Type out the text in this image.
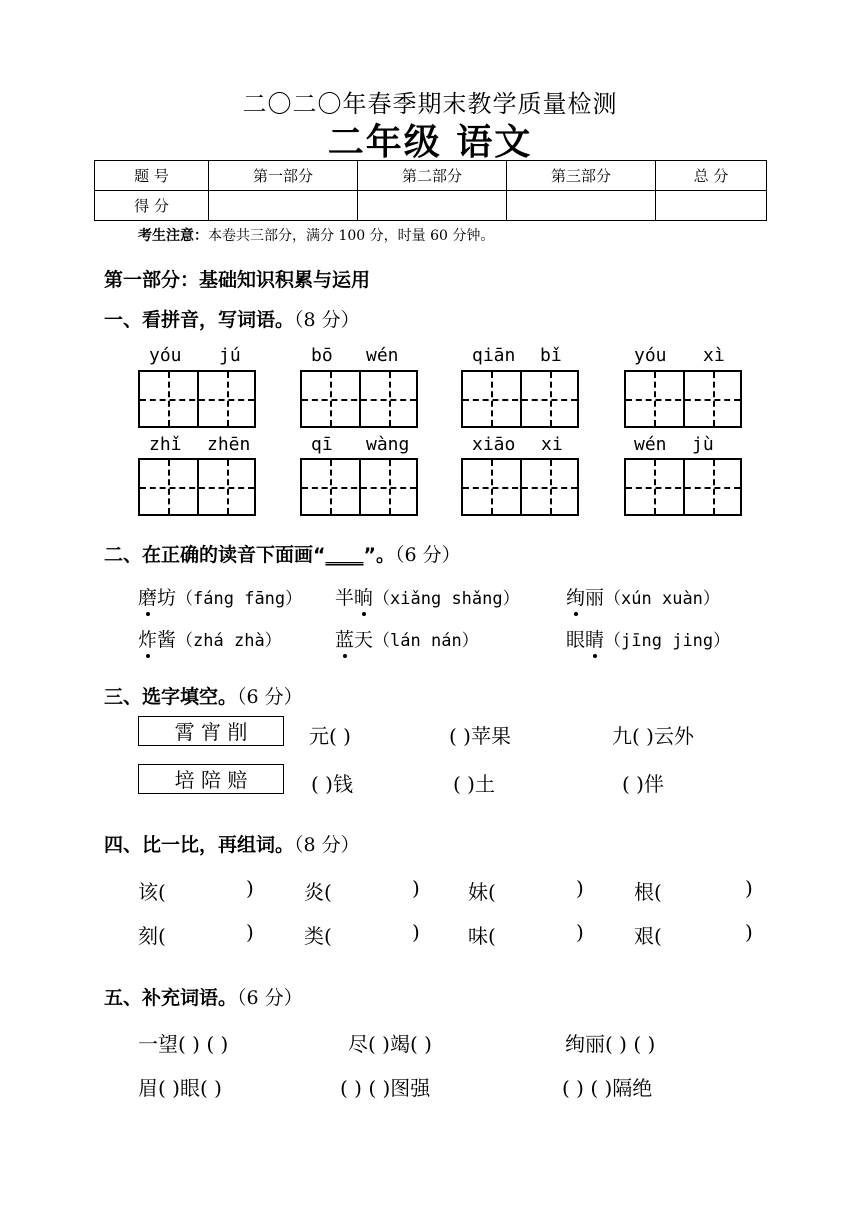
二〇二〇年春季期末教学质量检测
二年级 语文
题 号	第一部分	第二部分	第三部分	总 分
得 分				
考生注意：本卷共三部分，满分 100 分，时量 60 分钟。
第一部分：基础知识积累与运用
一、看拼音，写词语。（8 分）
yóu jú	bō wén	qiān bǐ	yóu xì
zhǐ zhēn	qī wàng	xiāo xi	wén jù
二、在正确的读音下面画“____”。（6 分）
磨坊（fáng fāng） 半晌（xiǎng shǎng） 绚丽（xún xuàn）
炸酱（zhá zhà）	蓝天（lán nán）	眼睛（jīng jing）
三、选字填空。（6 分）
霄 宵 削
培 陪 赔
元( )	( )苹果	九( )云外
( )钱	( )土	( )伴
四、比一比，再组词。（8 分）
该(	)	炎(	) 妹(	)	根(	)
刻(	)	类(	) 味(	)	艰(	)
五、补充词语。（6 分）
一望( ) ( )	尽( )竭( )	绚丽( ) ( )
眉( )眼( )	( ) ( )图强	( ) ( )隔绝
